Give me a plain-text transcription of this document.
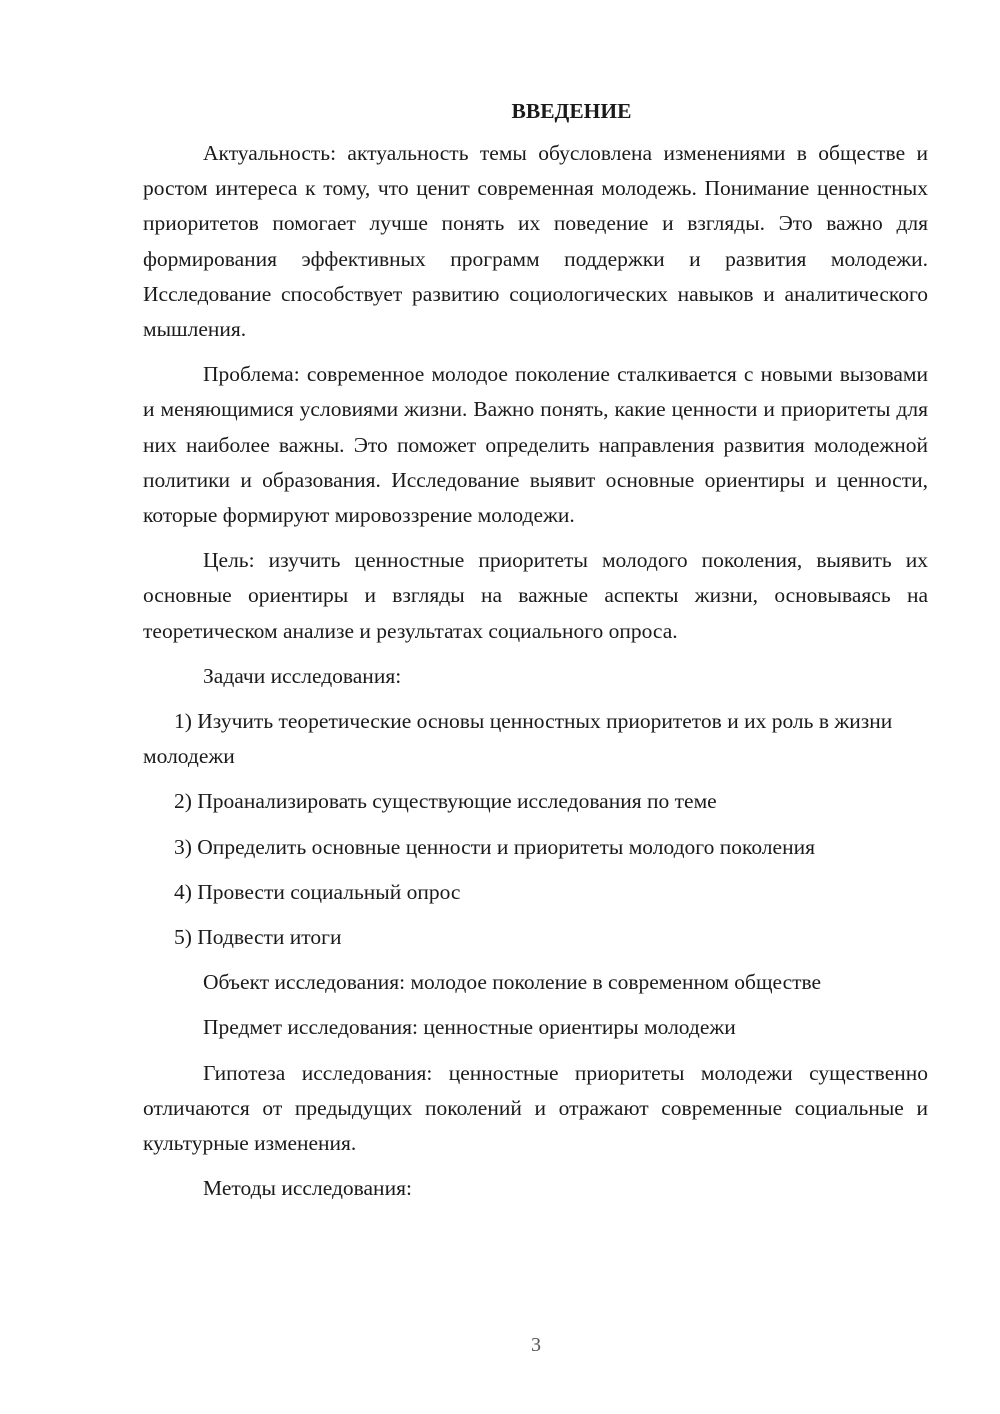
ВВЕДЕНИЕ
Актуальность: актуальность темы обусловлена изменениями в обществе и ростом интереса к тому, что ценит современная молодежь. Понимание ценностных приоритетов помогает лучше понять их поведение и взгляды. Это важно для формирования эффективных программ поддержки и развития молодежи. Исследование способствует развитию социологических навыков и аналитического мышления.
Проблема: современное молодое поколение сталкивается с новыми вызовами и меняющимися условиями жизни. Важно понять, какие ценности и приоритеты для них наиболее важны. Это поможет определить направления развития молодежной политики и образования. Исследование выявит основные ориентиры и ценности, которые формируют мировоззрение молодежи.
Цель: изучить ценностные приоритеты молодого поколения, выявить их основные ориентиры и взгляды на важные аспекты жизни, основываясь на теоретическом анализе и результатах социального опроса.
Задачи исследования:
1) Изучить теоретические основы ценностных приоритетов и их роль в жизни молодежи
2) Проанализировать существующие исследования по теме
3) Определить основные ценности и приоритеты молодого поколения
4) Провести социальный опрос
5) Подвести итоги
Объект исследования: молодое поколение в современном обществе
Предмет исследования: ценностные ориентиры молодежи
Гипотеза исследования: ценностные приоритеты молодежи существенно отличаются от предыдущих поколений и отражают современные социальные и культурные изменения.
Методы исследования:
3
